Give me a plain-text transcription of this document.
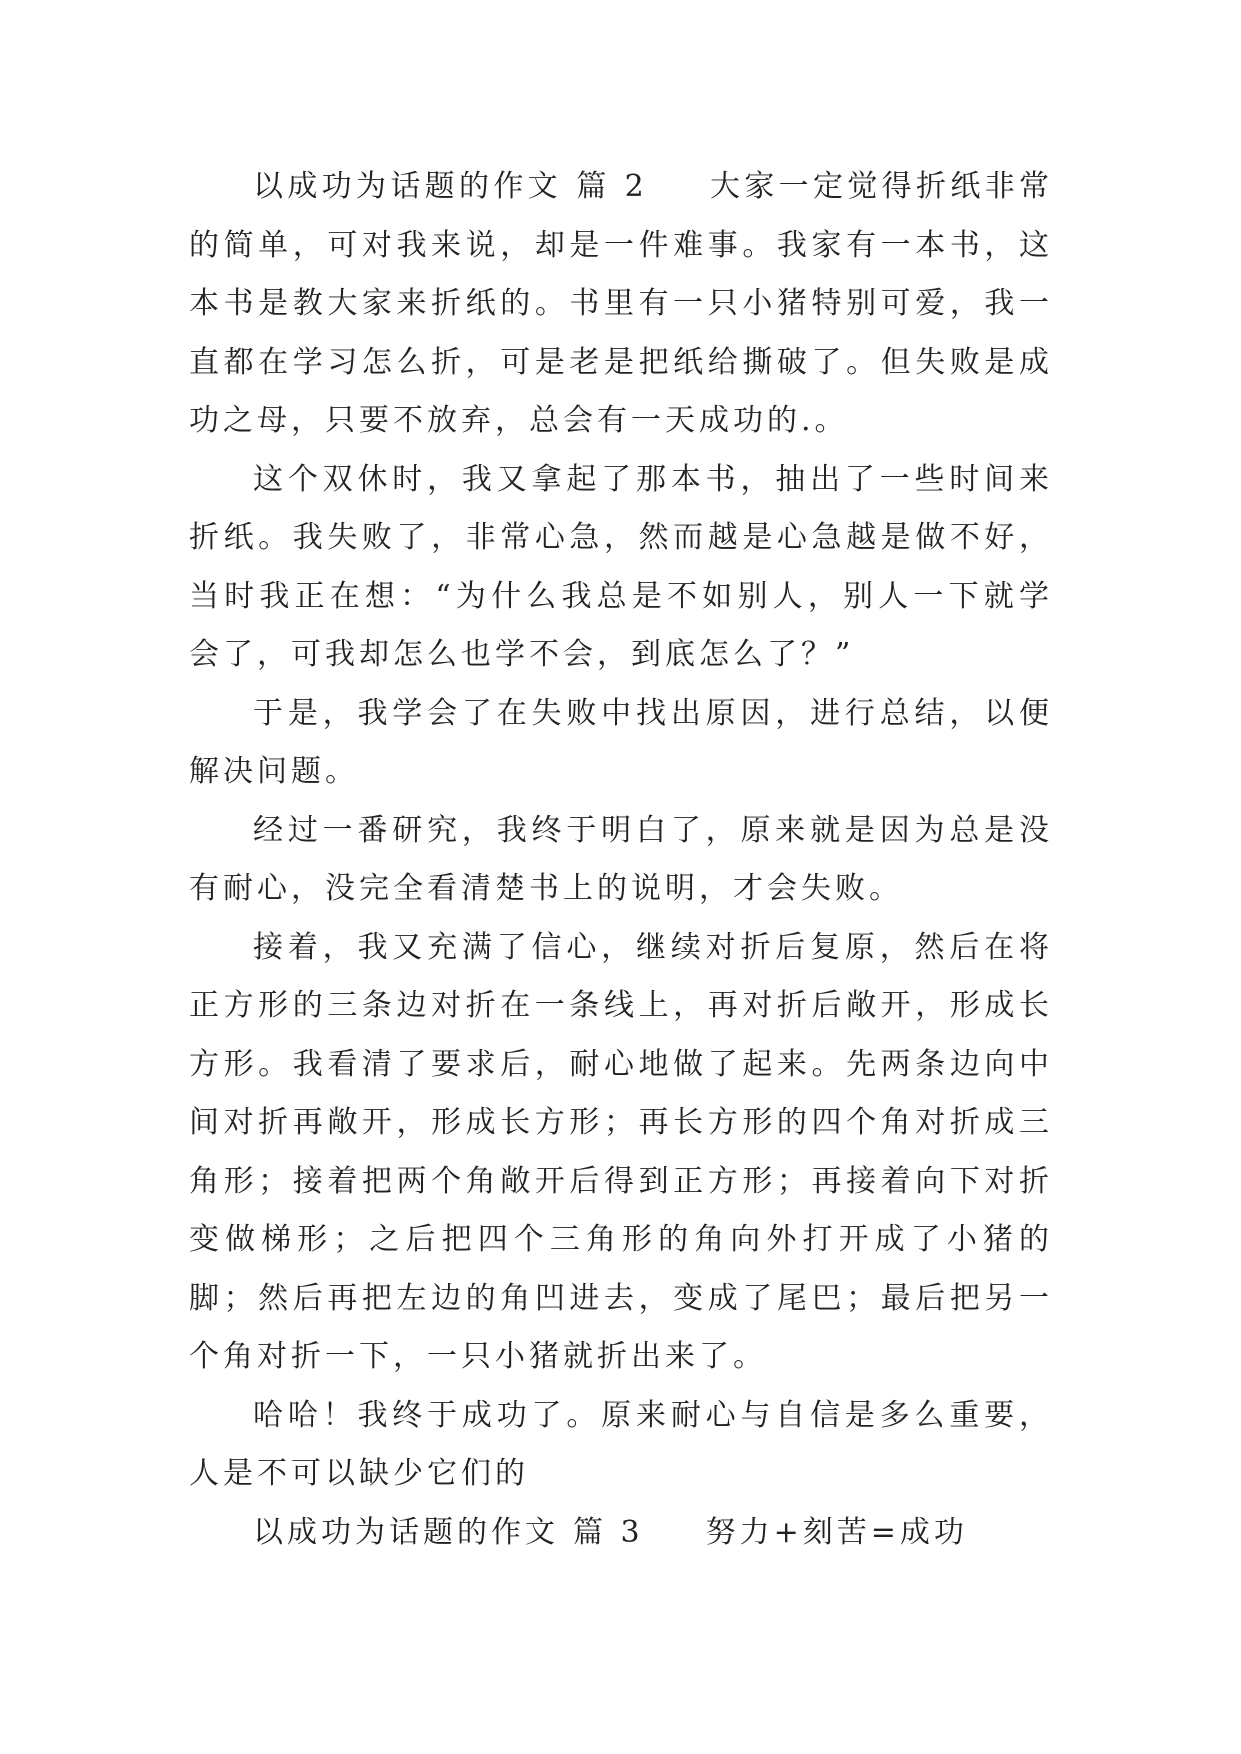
以成功为话题的作文 篇 2 大家一定觉得折纸非常的简单，可对我来说，却是一件难事。我家有一本书，这本书是教大家来折纸的。书里有一只小猪特别可爱，我一直都在学习怎么折，可是老是把纸给撕破了。但失败是成功之母，只要不放弃，总会有一天成功的.。

这个双休时，我又拿起了那本书，抽出了一些时间来折纸。我失败了，非常心急，然而越是心急越是做不好，当时我正在想：“为什么我总是不如别人，别人一下就学会了，可我却怎么也学不会，到底怎么了？”

于是，我学会了在失败中找出原因，进行总结，以便解决问题。

经过一番研究，我终于明白了，原来就是因为总是没有耐心，没完全看清楚书上的说明，才会失败。

接着，我又充满了信心，继续对折后复原，然后在将正方形的三条边对折在一条线上，再对折后敞开，形成长方形。我看清了要求后，耐心地做了起来。先两条边向中间对折再敞开，形成长方形；再长方形的四个角对折成三角形；接着把两个角敞开后得到正方形；再接着向下对折变做梯形；之后把四个三角形的角向外打开成了小猪的脚；然后再把左边的角凹进去，变成了尾巴；最后把另一个角对折一下，一只小猪就折出来了。

哈哈！我终于成功了。原来耐心与自信是多么重要，人是不可以缺少它们的

以成功为话题的作文 篇 3 努力+刻苦=成功
